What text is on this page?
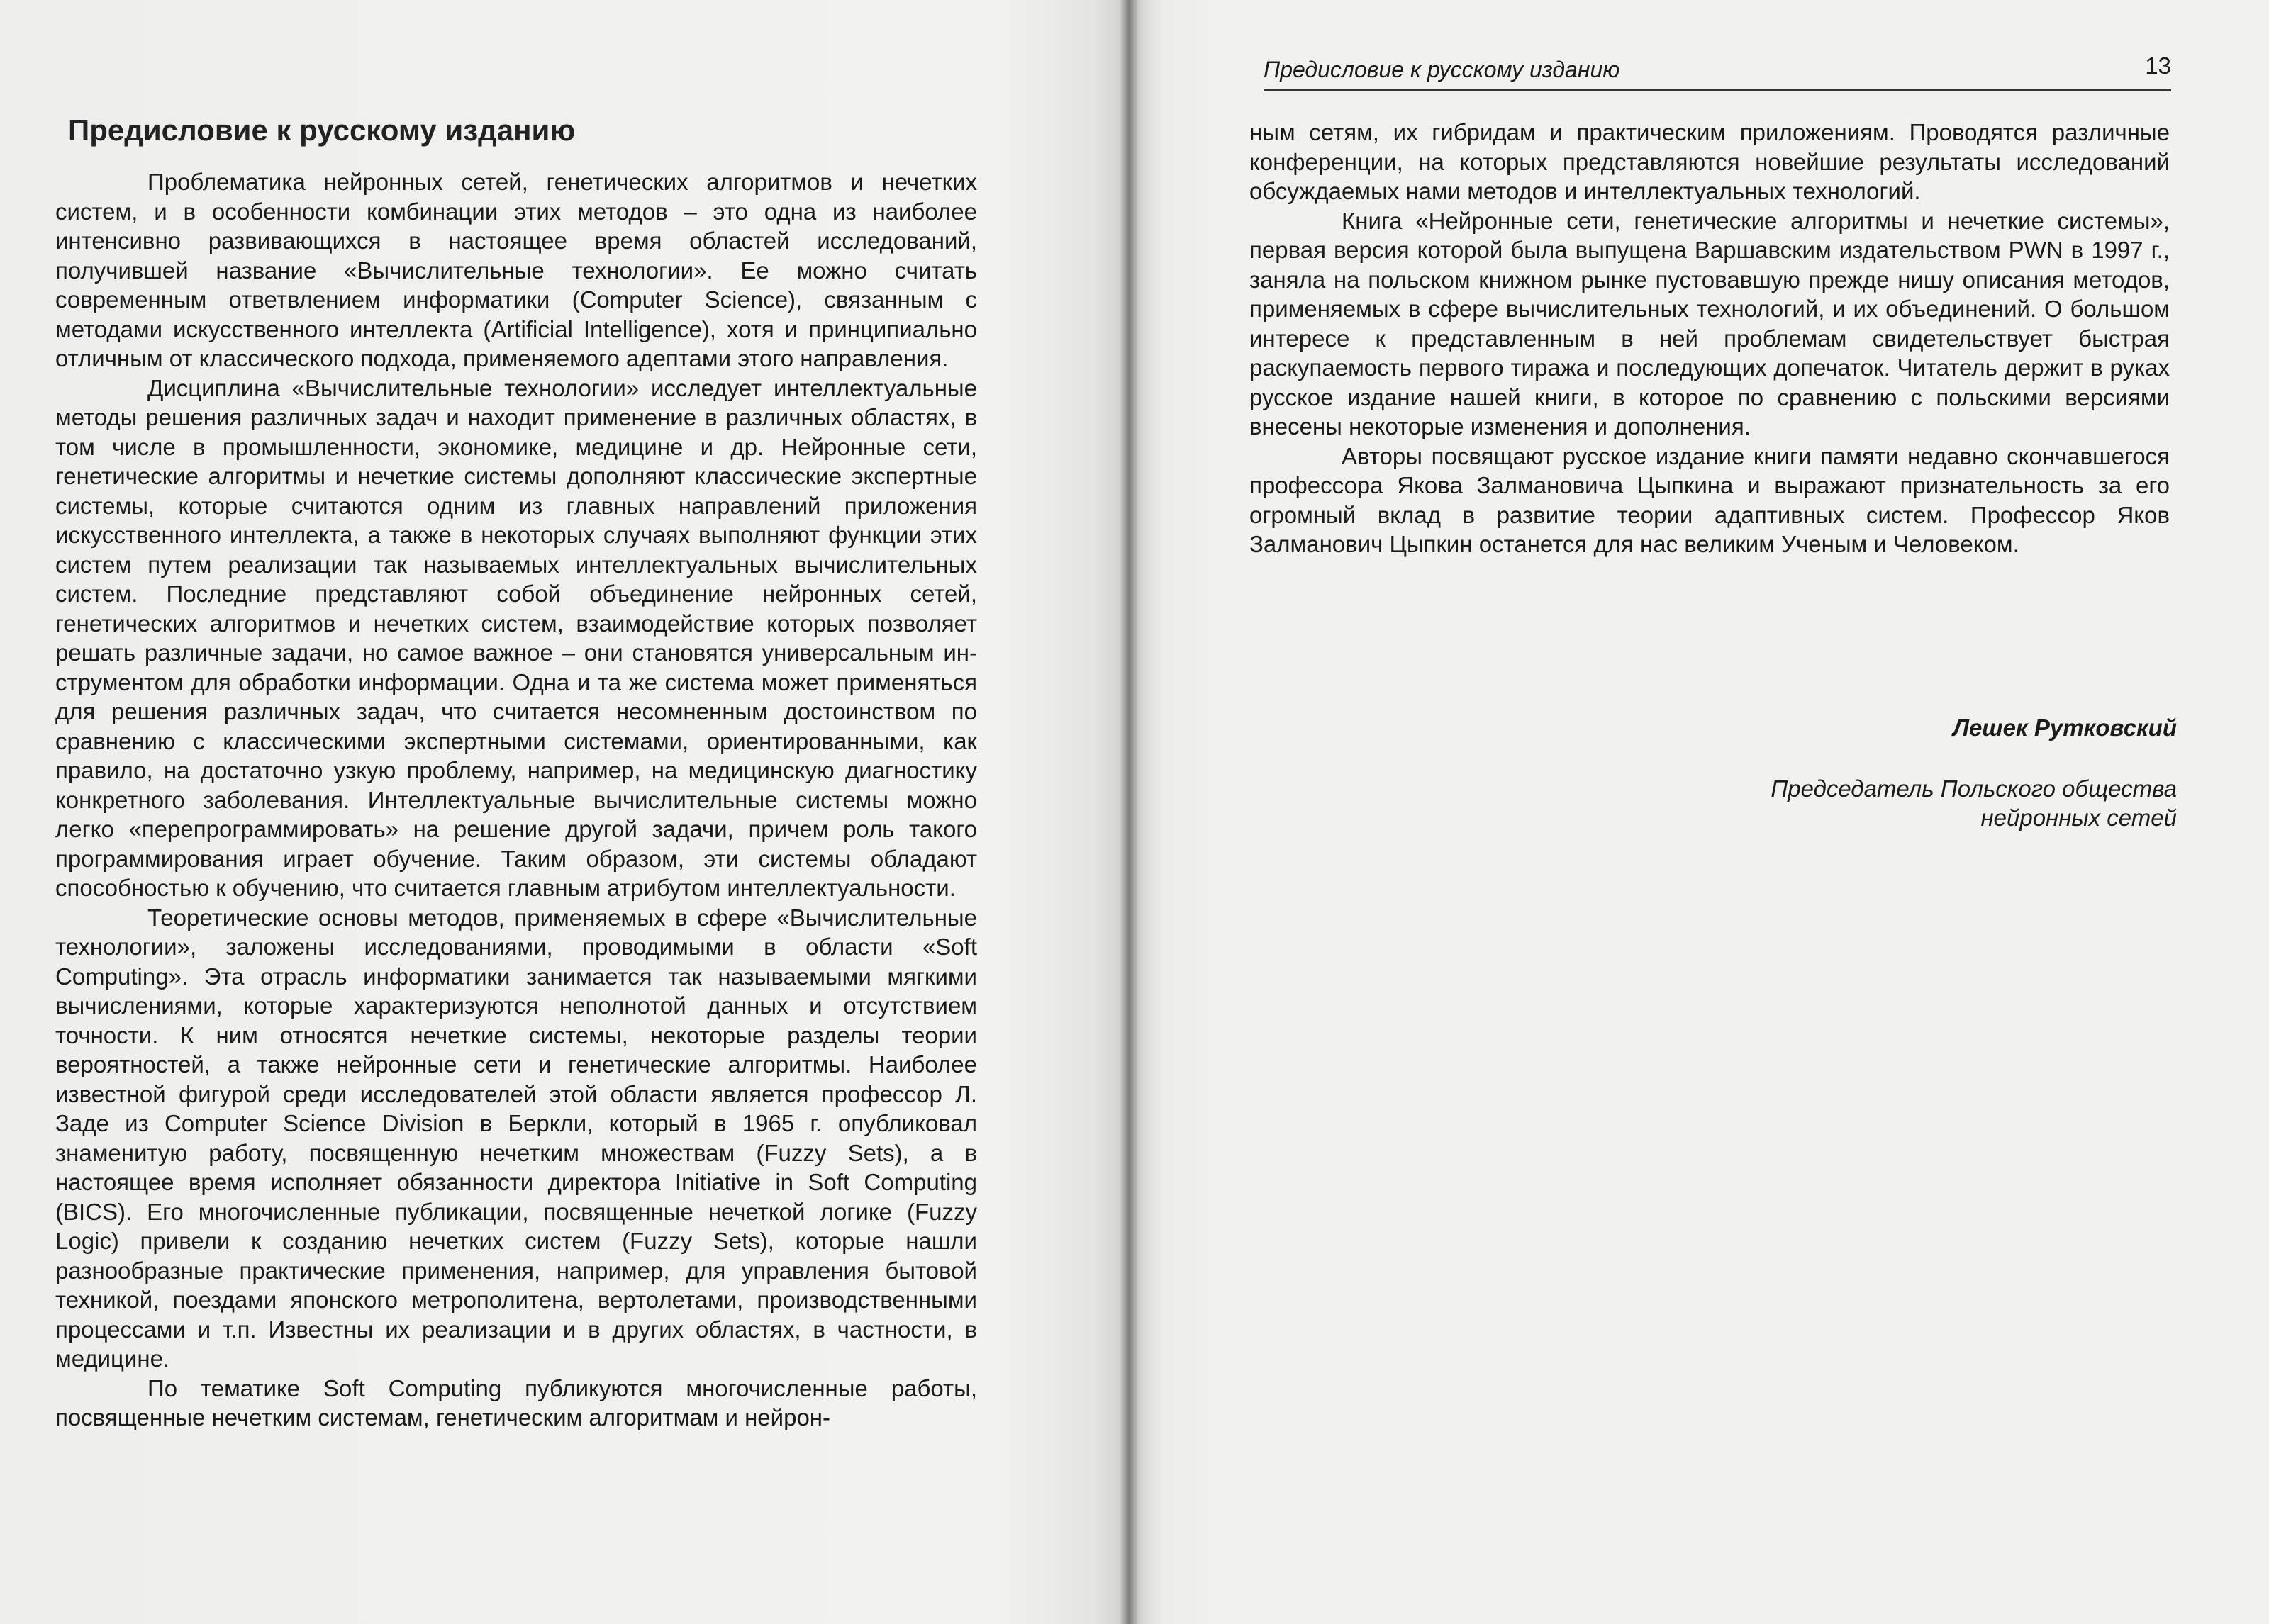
Предисловие к русскому изданию

Проблематика нейронных сетей, генетических алгоритмов и нечетких систем, и в особенности комбинации этих методов – это одна из наиболее интенсивно развивающихся в настоящее время областей исследований, получившей название «Вычислительные технологии». Ее можно считать современным ответвлением информатики (Computer Science), связанным с методами искусственного интеллекта (Artificial Intelligence), хотя и принципиально отличным от классического подхода, применяемого адептами этого направления.

Дисциплина «Вычислительные технологии» исследует интеллектуальные методы решения различных задач и находит применение в различных областях, в том числе в промышленности, экономике, медицине и др. Нейронные сети, генетические алгоритмы и нечеткие системы дополняют классические экспертные системы, которые считаются одним из главных направлений приложения искусственного интеллекта, а также в некоторых случаях выполняют функции этих систем путем реализации так называемых интеллектуальных вычислительных систем. Последние представляют собой объединение нейронных сетей, генетических алгоритмов и нечетких систем, взаимодействие которых позволяет решать различные задачи, но самое важное – они становятся универсальным инструментом для обработки информации. Одна и та же система может применяться для решения различных задач, что считается несомненным достоинством по сравнению с классическими экспертными системами, ориентированными, как правило, на достаточно узкую проблему, например, на медицинскую диагностику конкретного заболевания. Интеллектуальные вычислительные системы можно легко «перепрограммировать» на решение другой задачи, причем роль такого программирования играет обучение. Таким образом, эти системы обладают способностью к обучению, что считается главным атрибутом интеллектуальности.

Теоретические основы методов, применяемых в сфере «Вычислительные технологии», заложены исследованиями, проводимыми в области «Soft Computing». Эта отрасль информатики занимается так называемыми мягкими вычислениями, которые характеризуются неполнотой данных и отсутствием точности. К ним относятся нечеткие системы, некоторые разделы теории вероятностей, а также нейронные сети и генетические алгоритмы. Наиболее известной фигурой среди исследователей этой области является профессор Л. Заде из Computer Science Division в Беркли, который в 1965 г. опубликовал знаменитую работу, посвященную нечетким множествам (Fuzzy Sets), а в настоящее время исполняет обязанности директора Initiative in Soft Computing (BICS). Его многочисленные публикации, посвященные нечеткой логике (Fuzzy Logic) привели к созданию нечетких систем (Fuzzy Sets), которые нашли разнообразные практические применения, например, для управления бытовой техникой, поездами японского метрополитена, вертолетами, производственными процессами и т.п. Известны их реализации и в других областях, в частности, в медицине.

По тематике Soft Computing публикуются многочисленные работы, посвященные нечетким системам, генетическим алгоритмам и нейрон-

Предисловие к русскому изданию	13

ным сетям, их гибридам и практическим приложениям. Проводятся различные конференции, на которых представляются новейшие результаты исследований обсуждаемых нами методов и интеллектуальных технологий.

Книга «Нейронные сети, генетические алгоритмы и нечеткие системы», первая версия которой была выпущена Варшавским издательством PWN в 1997 г., заняла на польском книжном рынке пустовавшую прежде нишу описания методов, применяемых в сфере вычислительных технологий, и их объединений. О большом интересе к представленным в ней проблемам свидетельствует быстрая раскупаемость первого тиража и последующих допечаток. Читатель держит в руках русское издание нашей книги, в которое по сравнению с польскими версиями внесены некоторые изменения и дополнения.

Авторы посвящают русское издание книги памяти недавно скончавшегося профессора Якова Залмановича Цыпкина и выражают признательность за его огромный вклад в развитие теории адаптивных систем. Профессор Яков Залманович Цыпкин останется для нас великим Ученым и Человеком.

Лешек Рутковский
Председатель Польского общества
нейронных сетей
